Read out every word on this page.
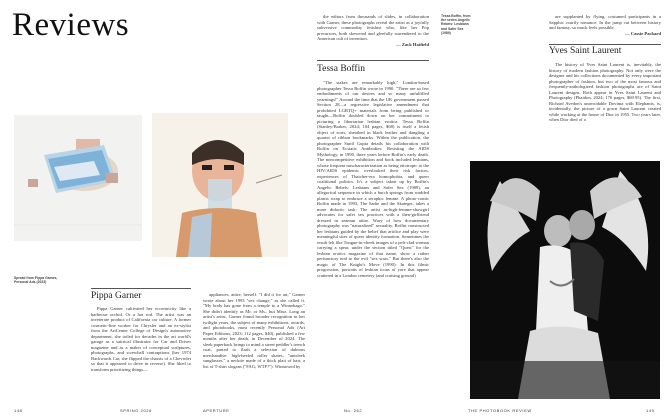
Reviews
Spread from Pippa Games, Personal Ads (2023)
Pippa Garner

Pippa Garner cultivated her eccentricity like a barbecue orchid. Or a hot rod. The artist was an inveterate product of California car culture. A former cosmetic-line worker for Chrysler and an ex-stylist from the ArtCenter College of Design's automotive department, she toiled for decades in the art world's garage as a satirical illustrator for Car and Driver magazine and as a maker of conceptual sculptures, photographs, and screwball contraptions (her 1974 Backwards Car, she flipped the chassis of a Chevrolet so that it appeared to drive in reverse). She liked to transform prioritizing things—

appliances, attire, herself. "I did it for art," Garner wrote about her 1993 "sex change," as she called it. "My body has gone from a temple to a Winnebago." She didn't identify as Mr. or Ms., but Mixz. Long an artist's artist, Garner found broader recognition in her twilight years, the subject of many exhibitions, awards, and photobooks, most recently Personal Ads (Art Paper Editions, 2023; 112 pages, $40), published a few months after her death, in December of 2024. The sleek paperback brings to mind a street peddler's trench coat, parted to flash a selection of dubious merchandise: high-heeled roller skates, "unisleek sunglasses," a necktie made of a thick plait of hair, a list of T-shirt slogans ("FAG; WTF?"). Winnowed by

the editors from thousands of slides, in collaboration with Garner, these photographs reveal the artist as a joyfully subversive commodity fetishist who, like her Pop precursors, both skewered and gleefully surrendered to the American cult of invention.

— Zack Hatfield
Tessa Boffin

"The stakes are remarkably high," London-based photographer Tessa Boffin wrote in 1990. "There are so few embodiments of our desires and so many unfulfilled yearnings!" Around the time that the UK government passed Section 28—a regressive legislative amendment that prohibited LGBTQ+ materials from being published or taught—Boffin doubled down on her commitment to picturing a libertarian lesbian erotica. Tessa Boffin (Stanley/Barker, 2024; 104 pages, $68) is itself a fetish object of sorts, sheathed in black leather and dangling a quartet of ribbon bookmarks. Within the publication, the photographer Sunil Gupta details his collaboration with Boffin on Ecstatic Antibodies: Resisting the AIDS Mythology, in 1990, three years before Boffin's early death. The noncompetitive exhibition and book included lesbians, whose frequent mischaracterization as being etiotropic to the HIV/AIDS epidemic overlooked their risk factors, experiences of Thatcher-era homophobia, and queer coalitional politics. It's a subject taken up by Boffin's Angelic Rebels: Lesbians and Safer Sex (1989), an allegorical sequence in which a butch springs from wadded plastic wrap to embrace a seraphic femme. A photo-comic Boffin made in 1993, The Sadie and the Skateget, takes a more didactic task: The artist as-high-femme-showgirl advocates for safer sex practices with a then-girlfriend dressed in seaman attire. Wary of how documentary photography was "naturalized" sexuality, Boffin constructed her lesbians guided by the belief that artifice and play were meaningful sites of queer identity formation. Sometimes the result felt like Tongue-in-cheek images of a pelt-clad woman carrying a spear, under the section titled "Quest" for the lesbian erotics magazine of that name, show a rather perfunctory nod to the evil "sex wars." But there's also the magic of The Knight's Move (1990): In this filmic progression, portraits of lesbian icons of yore that appear scattered in a London cemetery (and cruising ground)

Tessa Boffin, from the series Angelic Rebels: Lesbians and Safer Sex (1989)

are supplanted by flying, costumed participants in a Sapphic courtly romance. In the jump cut between history and fantasy, so much feels possible.

— Cassie Packard
Yves Saint Laurent

The history of Yves Saint Laurent is, inevitably, the history of modern fashion photography. Not only were the designer and his collections documented by every important photographer of fashion, but two of the most famous and frequently-anthologized fashion photographs are of Saint Laurent designs. Both appear in Yves Saint Laurent and Photography (Phaidon, 2024; 176 pages, $69.95). The first, Richard Avedon's unavoidable Dovima with Elephants, is, incidentally, the picture of a gown Saint Laurent created while working at the house of Dior in 1955. Two years later, when Dior died of a

148	SPRING 2026	APERTURE	No. 262	THE PHOTOBOOK REVIEW	149
